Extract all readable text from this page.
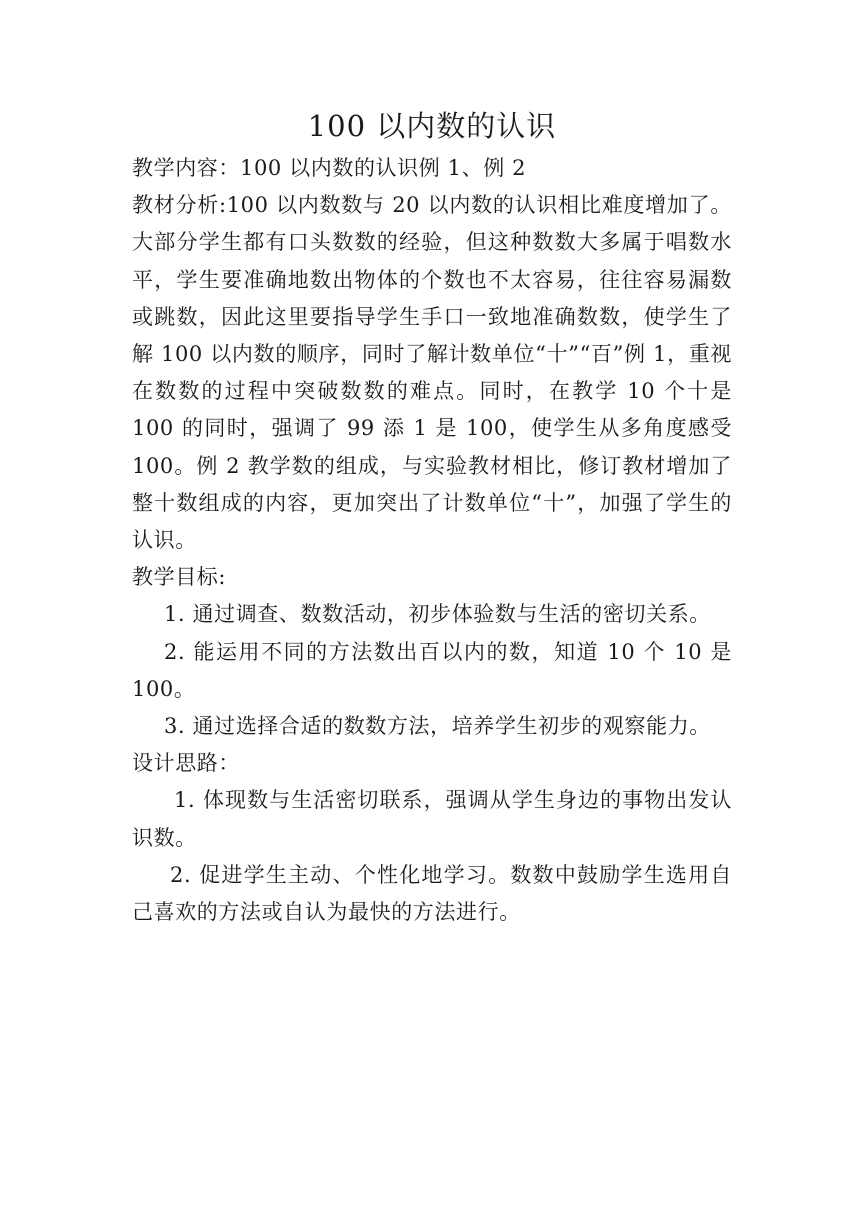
100 以内数的认识

教学内容：100 以内数的认识例 1、例 2

教材分析:100 以内数数与 20 以内数的认识相比难度增加了。大部分学生都有口头数数的经验，但这种数数大多属于唱数水平，学生要准确地数出物体的个数也不太容易，往往容易漏数或跳数，因此这里要指导学生手口一致地准确数数，使学生了解 100 以内数的顺序，同时了解计数单位“十”“百”例 1，重视在数数的过程中突破数数的难点。同时，在教学 10 个十是 100 的同时，强调了 99 添 1 是 100，使学生从多角度感受 100。例 2 教学数的组成，与实验教材相比，修订教材增加了整十数组成的内容，更加突出了计数单位“十”，加强了学生的认识。

教学目标:

1. 通过调查、数数活动，初步体验数与生活的密切关系。

2. 能运用不同的方法数出百以内的数，知道 10 个 10 是 100。

3. 通过选择合适的数数方法，培养学生初步的观察能力。

设计思路：

1. 体现数与生活密切联系，强调从学生身边的事物出发认识数。

2. 促进学生主动、个性化地学习。数数中鼓励学生选用自己喜欢的方法或自认为最快的方法进行。
